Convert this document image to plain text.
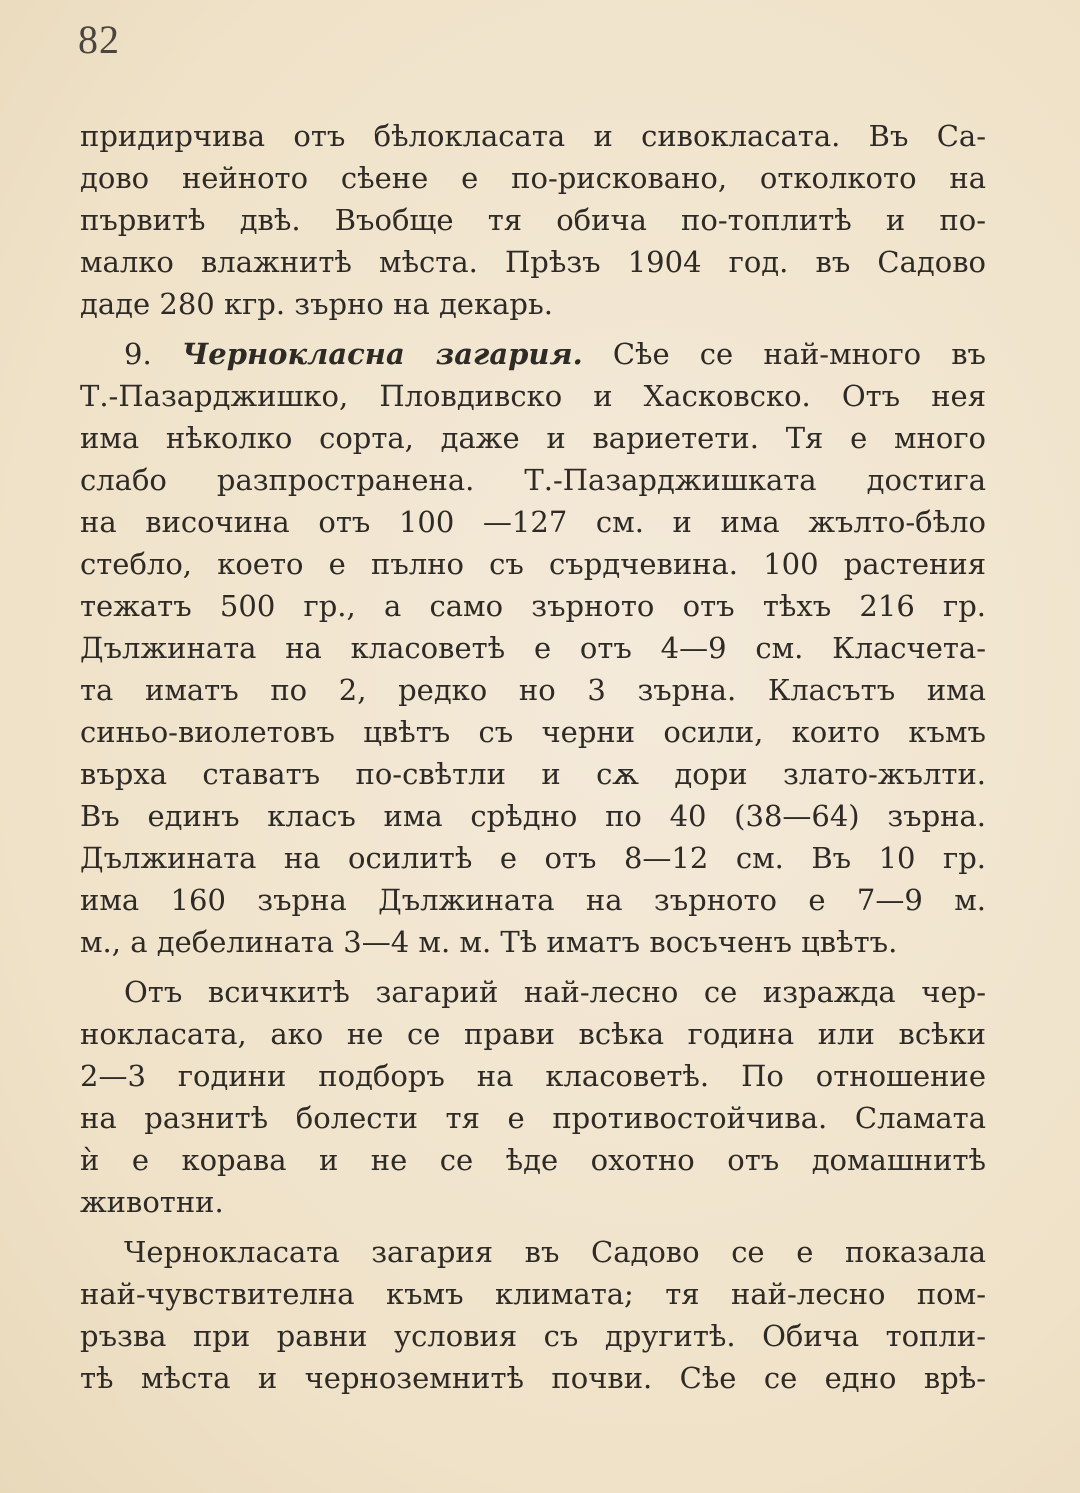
82
придирчива отъ бѣлокласата и сивокласата. Въ Са-
дово нейното сѣене е по-рисковано, отколкото на
първитѣ двѣ. Въобще тя обича по-топлитѣ и по-
малко влажнитѣ мѣста. Прѣзъ 1904 год. въ Садово
даде 280 кгр. зърно на декарь.
9. Чернокласна загария. Сѣе се най-много въ
Т.-Пазарджишко, Пловдивско и Хасковско. Отъ нея
има нѣколко сорта, даже и вариетети. Тя е много
слабо разпространена. Т.-Пазарджишката достига
на височина отъ 100 —127 см. и има жълто-бѣло
стебло, което е пълно съ сърдчевина. 100 растения
тежатъ 500 гр., а само зърното отъ тѣхъ 216 гр.
Дължината на класоветѣ е отъ 4—9 см. Класчета-
та иматъ по 2, редко но 3 зърна. Класътъ има
синьо-виолетовъ цвѣтъ съ черни осили, които къмъ
върха ставатъ по-свѣтли и сѫ дори злато-жълти.
Въ единъ класъ има срѣдно по 40 (38—64) зърна.
Дължината на осилитѣ е отъ 8—12 см. Въ 10 гр.
има 160 зърна Дължината на зърното е 7—9 м.
м., а дебелината 3—4 м. м. Тѣ иматъ восъченъ цвѣтъ.
Отъ всичкитѣ загарий най-лесно се изражда чер-
нокласата, ако не се прави всѣка година или всѣки
2—3 години подборъ на класоветѣ. По отношение
на разнитѣ болести тя е противостойчива. Сламата
ѝ е корава и не се ѣде охотно отъ домашнитѣ
животни.
Чернокласата загария въ Садово се е показала
най-чувствителна къмъ климата; тя най-лесно пом-
ръзва при равни условия съ другитѣ. Обича топли-
тѣ мѣста и черноземнитѣ почви. Сѣе се едно врѣ-
